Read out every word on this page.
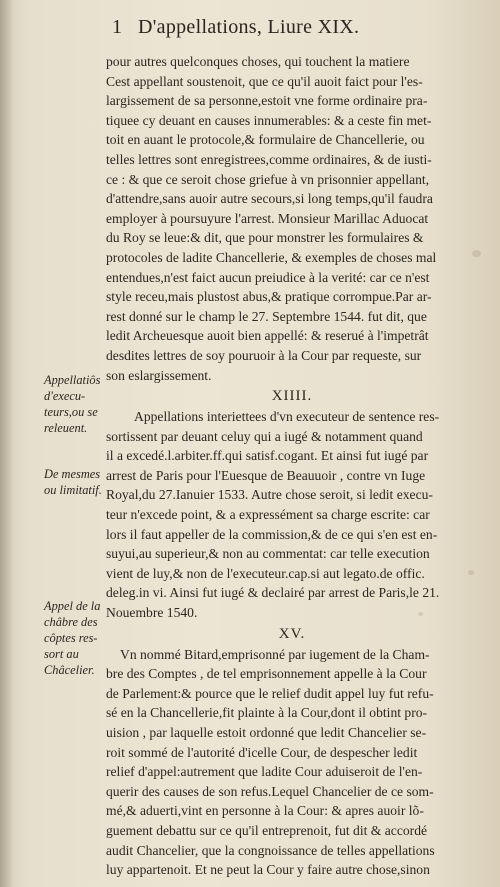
1 D'appellations, Liure XIX.
pour autres quelconques choses, qui touchent la matiere
Cest appellant soustenoit, que ce qu'il auoit faict pour l'es-
largissement de sa personne,estoit vne forme ordinaire pra-
tiquee cy deuant en causes innumerables: & a ceste fin met-
toit en auant le protocole,& formulaire de Chancellerie, ou
telles lettres sont enregistrees,comme ordinaires, & de iusti-
ce : & que ce seroit chose griefue à vn prisonnier appellant,
d'attendre,sans auoir autre secours,si long temps,qu'il faudra
employer à poursuyure l'arrest. Monsieur Marillac Aduocat
du Roy se leue:& dit, que pour monstrer les formulaires &
protocoles de ladite Chancellerie, & exemples de choses mal
entendues,n'est faict aucun preiudice à la verité: car ce n'est
style receu,mais plustost abus,& pratique corrompue.Par ar-
rest donné sur le champ le 27. Septembre 1544. fut dit, que
ledit Archeuesque auoit bien appellé: & reserué à l'impetrât
desdites lettres de soy pouruoir à la Cour par requeste, sur
son eslargissement.
XIIII.
Appellations interiettees d'vn executeur de sentence res-
sortissent par deuant celuy qui a iugé & notamment quand
il a excedé.l.arbiter.ff.qui satisf.cogant. Et ainsi fut iugé par
arrest de Paris pour l'Euesque de Beauuoir , contre vn Iuge
Royal,du 27.Ianuier 1533. Autre chose seroit, si ledit execu-
teur n'excede point, & a expressément sa charge escrite: car
lors il faut appeller de la commission,& de ce qui s'en est en-
suyui,au superieur,& non au commentat: car telle execution
vient de luy,& non de l'executeur.cap.si aut legato.de offic.
deleg.in vi. Ainsi fut iugé & declairé par arrest de Paris,le 21.
Nouembre 1540.
XV.
Vn nommé Bitard,emprisonné par iugement de la Cham-
bre des Comptes , de tel emprisonnement appelle à la Cour
de Parlement:& pource que le relief dudit appel luy fut refu-
sé en la Chancellerie,fit plainte à la Cour,dont il obtint pro-
uision , par laquelle estoit ordonné que ledit Chancelier se-
roit sommé de l'autorité d'icelle Cour, de despescher ledit
relief d'appel:autrement que ladite Cour aduiseroit de l'en-
querir des causes de son refus.Lequel Chancelier de ce som-
mé,& aduerti,vint en personne à la Cour: & apres auoir lõ-
guement debattu sur ce qu'il entreprenoit, fut dit & accordé
audit Chancelier, que la congnoissance de telles appellations
luy appartenoit. Et ne peut la Cour y faire autre chose,sinon
Appellatiôs
d'execu-
teurs,ou se
releuent.
De mesmes
ou limitatif.
Appel de la
châbre des
côptes res-
sort au
Châcelier.
